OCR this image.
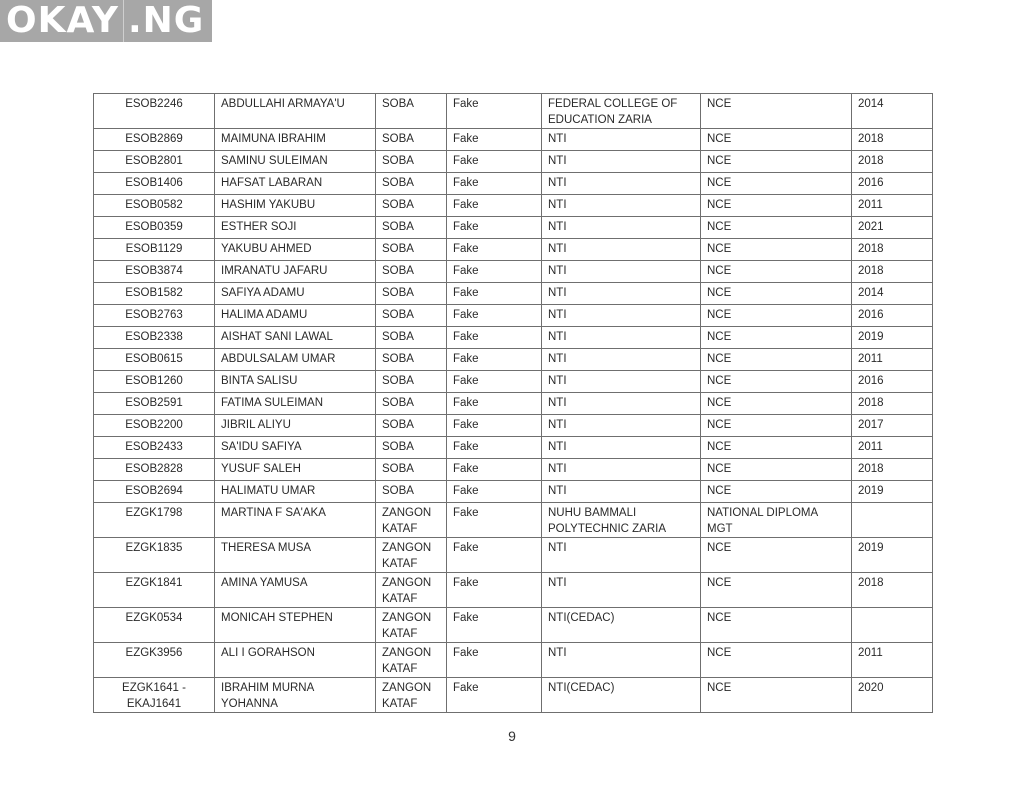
OKAY .NG
ESOB2246	ABDULLAHI ARMAYA'U	SOBA	Fake	FEDERAL COLLEGE OF EDUCATION ZARIA	NCE	2014
ESOB2869	MAIMUNA IBRAHIM	SOBA	Fake	NTI	NCE	2018
ESOB2801	SAMINU SULEIMAN	SOBA	Fake	NTI	NCE	2018
ESOB1406	HAFSAT LABARAN	SOBA	Fake	NTI	NCE	2016
ESOB0582	HASHIM YAKUBU	SOBA	Fake	NTI	NCE	2011
ESOB0359	ESTHER SOJI	SOBA	Fake	NTI	NCE	2021
ESOB1129	YAKUBU AHMED	SOBA	Fake	NTI	NCE	2018
ESOB3874	IMRANATU JAFARU	SOBA	Fake	NTI	NCE	2018
ESOB1582	SAFIYA ADAMU	SOBA	Fake	NTI	NCE	2014
ESOB2763	HALIMA ADAMU	SOBA	Fake	NTI	NCE	2016
ESOB2338	AISHAT SANI LAWAL	SOBA	Fake	NTI	NCE	2019
ESOB0615	ABDULSALAM UMAR	SOBA	Fake	NTI	NCE	2011
ESOB1260	BINTA SALISU	SOBA	Fake	NTI	NCE	2016
ESOB2591	FATIMA SULEIMAN	SOBA	Fake	NTI	NCE	2018
ESOB2200	JIBRIL ALIYU	SOBA	Fake	NTI	NCE	2017
ESOB2433	SA'IDU SAFIYA	SOBA	Fake	NTI	NCE	2011
ESOB2828	YUSUF SALEH	SOBA	Fake	NTI	NCE	2018
ESOB2694	HALIMATU UMAR	SOBA	Fake	NTI	NCE	2019
EZGK1798	MARTINA F SA'AKA	ZANGON KATAF	Fake	NUHU BAMMALI POLYTECHNIC ZARIA	NATIONAL DIPLOMA MGT	
EZGK1835	THERESA MUSA	ZANGON KATAF	Fake	NTI	NCE	2019
EZGK1841	AMINA YAMUSA	ZANGON KATAF	Fake	NTI	NCE	2018
EZGK0534	MONICAH STEPHEN	ZANGON KATAF	Fake	NTI(CEDAC)	NCE	
EZGK3956	ALI I GORAHSON	ZANGON KATAF	Fake	NTI	NCE	2011
EZGK1641 - EKAJ1641	IBRAHIM MURNA YOHANNA	ZANGON KATAF	Fake	NTI(CEDAC)	NCE	2020
9
